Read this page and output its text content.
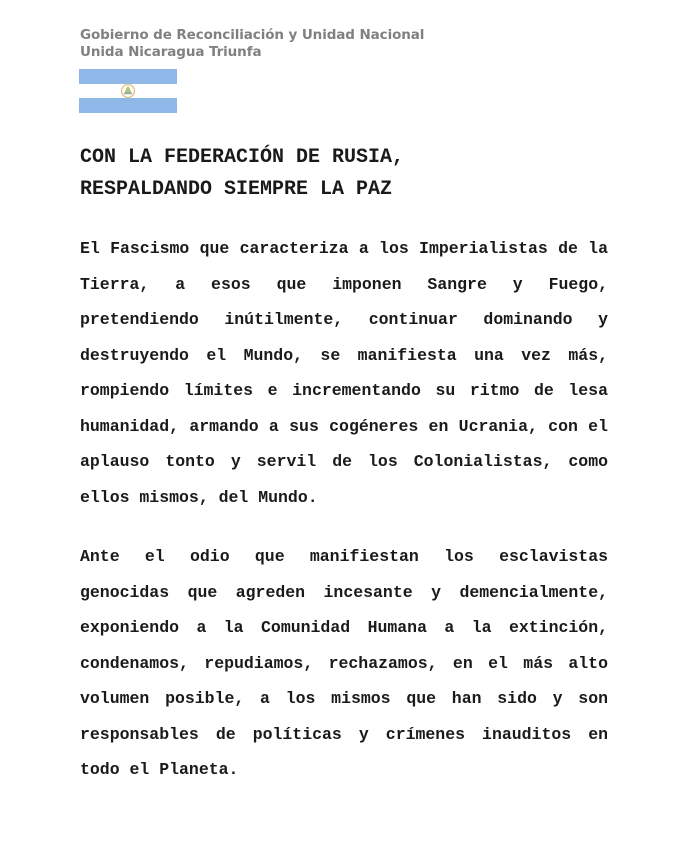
Gobierno de Reconciliación y Unidad Nacional
Unida Nicaragua Triunfa
CON LA FEDERACIÓN DE RUSIA,
RESPALDANDO SIEMPRE LA PAZ
El Fascismo que caracteriza a los Imperialistas de la Tierra, a esos que imponen Sangre y Fuego, pretendiendo inútilmente, continuar dominando y destruyendo el Mundo, se manifiesta una vez más, rompiendo límites e incrementando su ritmo de lesa humanidad, armando a sus cogéneres en Ucrania, con el aplauso tonto y servil de los Colonialistas, como ellos mismos, del Mundo.
Ante el odio que manifiestan los esclavistas genocidas que agreden incesante y demencialmente, exponiendo a la Comunidad Humana a la extinción, condenamos, repudiamos, rechazamos, en el más alto volumen posible, a los mismos que han sido y son responsables de políticas y crímenes inauditos en todo el Planeta.
